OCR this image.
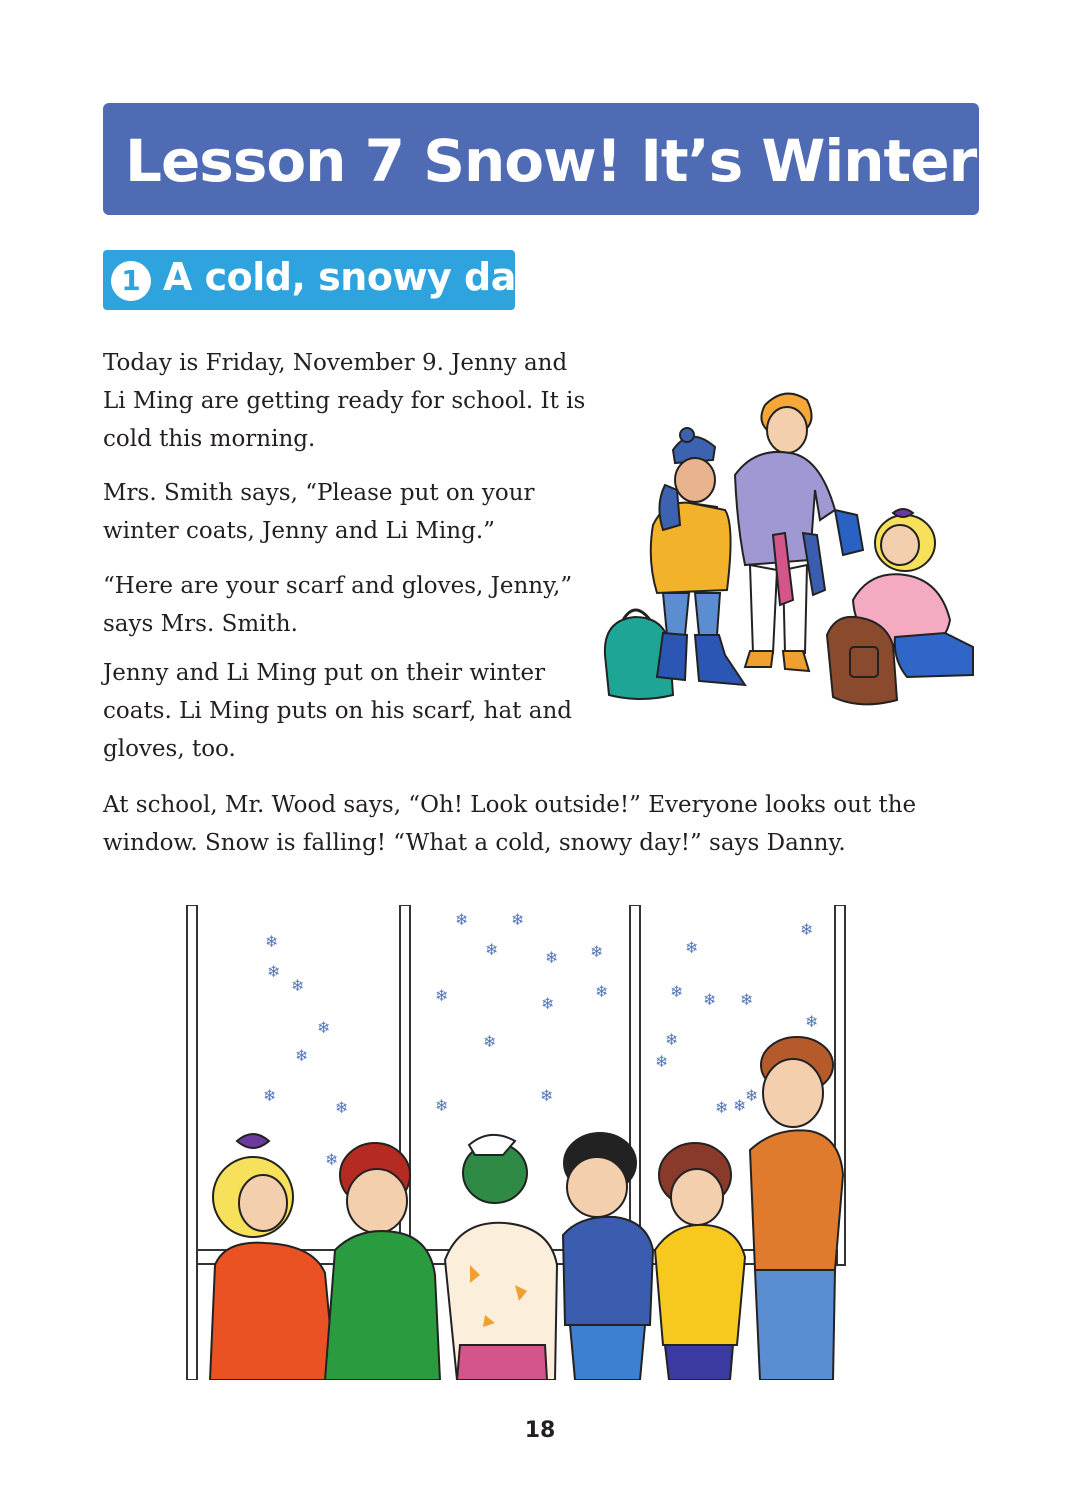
Lesson 7 Snow! It’s Winter!
1 A cold, snowy day

Today is Friday, November 9. Jenny and Li Ming are getting ready for school. It is cold this morning.

Mrs. Smith says, “Please put on your winter coats, Jenny and Li Ming.”

“Here are your scarf and gloves, Jenny,” says Mrs. Smith.

Jenny and Li Ming put on their winter coats. Li Ming puts on his scarf, hat and gloves, too.

At school, Mr. Wood says, “Oh! Look outside!” Everyone looks out the window. Snow is falling! “What a cold, snowy day!” says Danny.

❄
❄
❄
❄
❄
❄
❄
❄
❄
❄
❄
❄
❄
❄
❄
❄
❄
❄
❄
❄
❄ ❄ ❄
❄
❄
❄
❄ ❄
❄
❄
18
